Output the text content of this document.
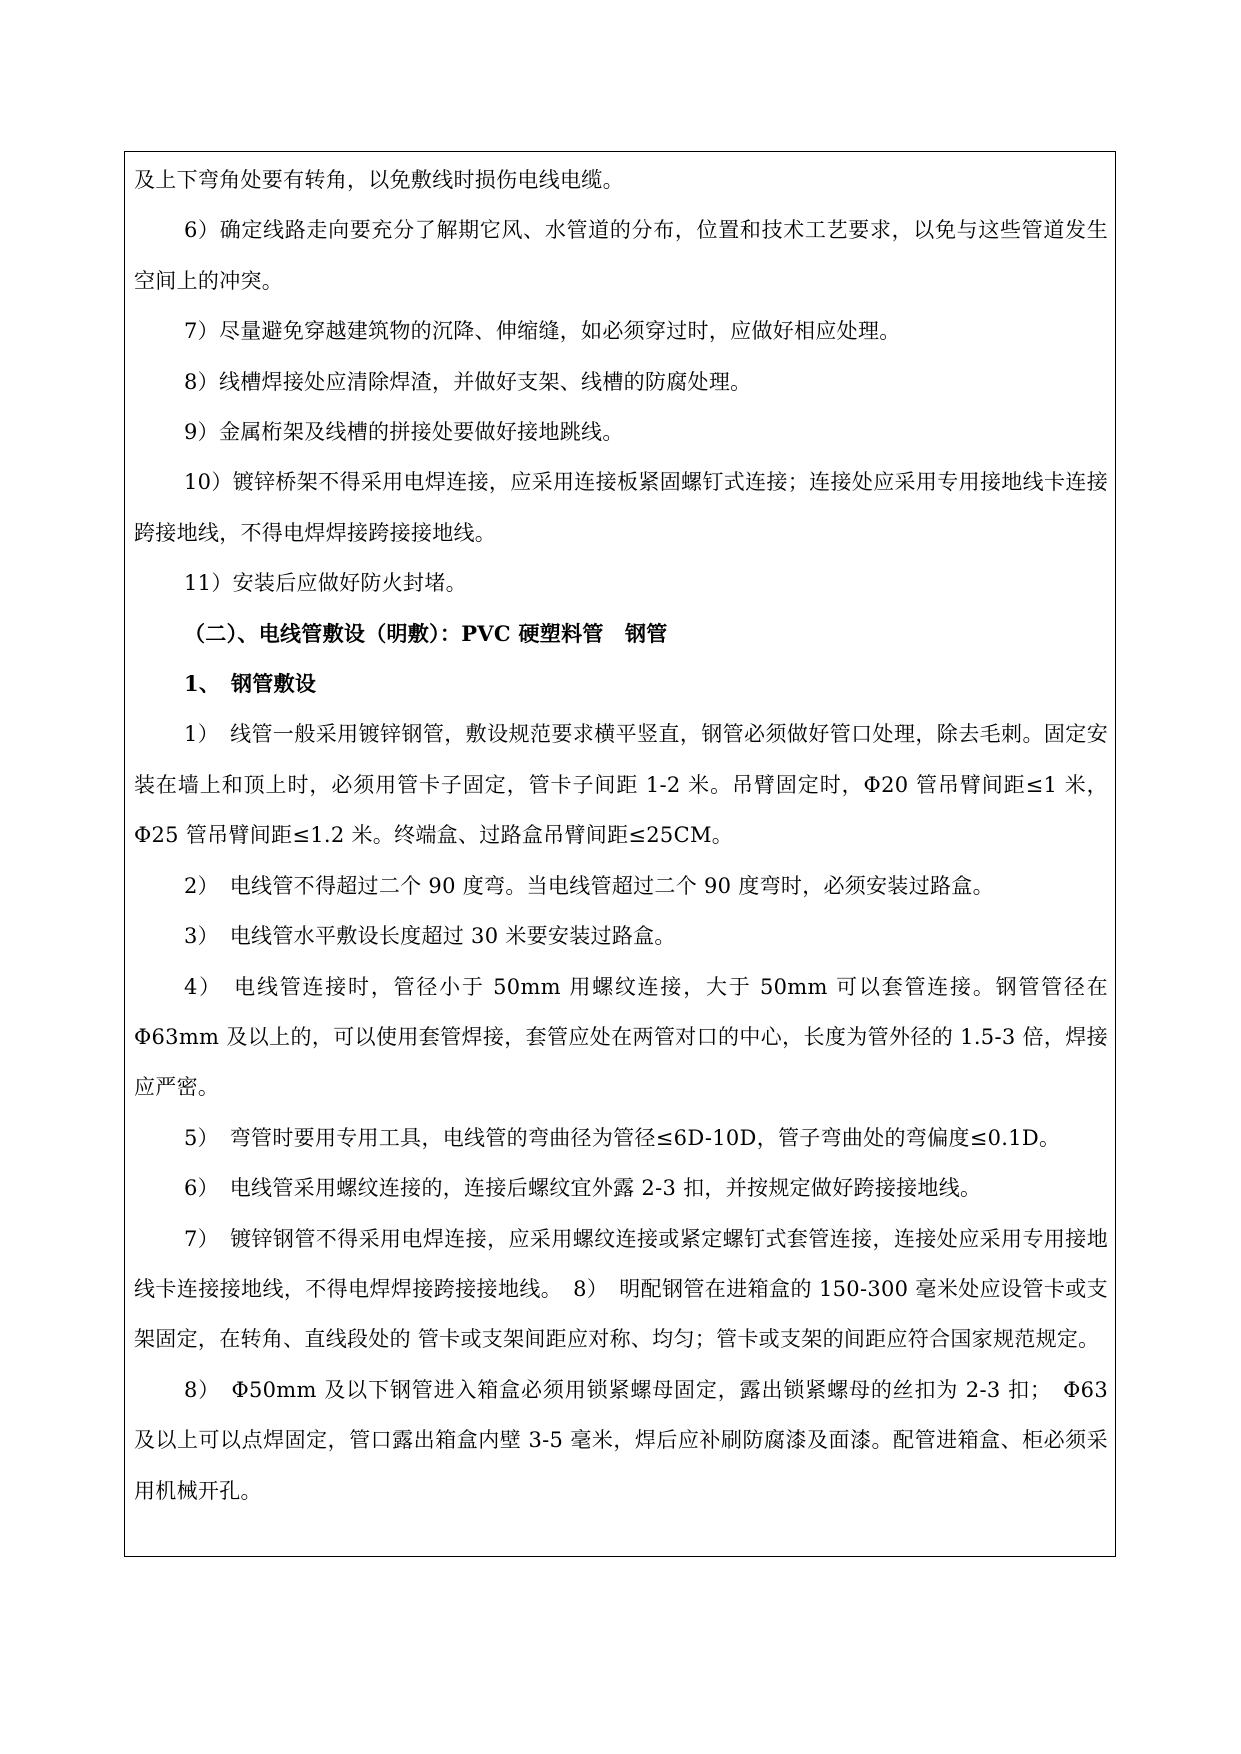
及上下弯角处要有转角，以免敷线时损伤电线电缆。

6）确定线路走向要充分了解期它风、水管道的分布，位置和技术工艺要求，以免与这些管道发生空间上的冲突。

7）尽量避免穿越建筑物的沉降、伸缩缝，如必须穿过时，应做好相应处理。

8）线槽焊接处应清除焊渣，并做好支架、线槽的防腐处理。

9）金属桁架及线槽的拼接处要做好接地跳线。

10）镀锌桥架不得采用电焊连接，应采用连接板紧固螺钉式连接；连接处应采用专用接地线卡连接跨接地线，不得电焊焊接跨接接地线。

11）安装后应做好防火封堵。

（二）、电线管敷设（明敷）：PVC 硬塑料管　钢管

1、　钢管敷设

1）　线管一般采用镀锌钢管，敷设规范要求横平竖直，钢管必须做好管口处理，除去毛刺。固定安装在墙上和顶上时，必须用管卡子固定，管卡子间距 1-2 米。吊臂固定时，Φ20 管吊臂间距≤1 米，Φ25 管吊臂间距≤1.2 米。终端盒、过路盒吊臂间距≤25CM。

2）　电线管不得超过二个 90 度弯。当电线管超过二个 90 度弯时，必须安装过路盒。

3）　电线管水平敷设长度超过 30 米要安装过路盒。

4）　电线管连接时，管径小于 50mm 用螺纹连接，大于 50mm 可以套管连接。钢管管径在Φ63mm 及以上的，可以使用套管焊接，套管应处在两管对口的中心，长度为管外径的 1.5-3 倍，焊接应严密。

5）　弯管时要用专用工具，电线管的弯曲径为管径≤6D-10D，管子弯曲处的弯偏度≤0.1D。

6）　电线管采用螺纹连接的，连接后螺纹宜外露 2-3 扣，并按规定做好跨接接地线。

7）　镀锌钢管不得采用电焊连接，应采用螺纹连接或紧定螺钉式套管连接，连接处应采用专用接地线卡连接接地线，不得电焊焊接跨接接地线。　8）　明配钢管在进箱盒的 150-300 毫米处应设管卡或支架固定，在转角、直线段处的 管卡或支架间距应对称、均匀；管卡或支架的间距应符合国家规范规定。

8）　Φ50mm 及以下钢管进入箱盒必须用锁紧螺母固定，露出锁紧螺母的丝扣为 2-3 扣；　Φ63 及以上可以点焊固定，管口露出箱盒内壁 3-5 毫米，焊后应补刷防腐漆及面漆。配管进箱盒、柜必须采用机械开孔。
